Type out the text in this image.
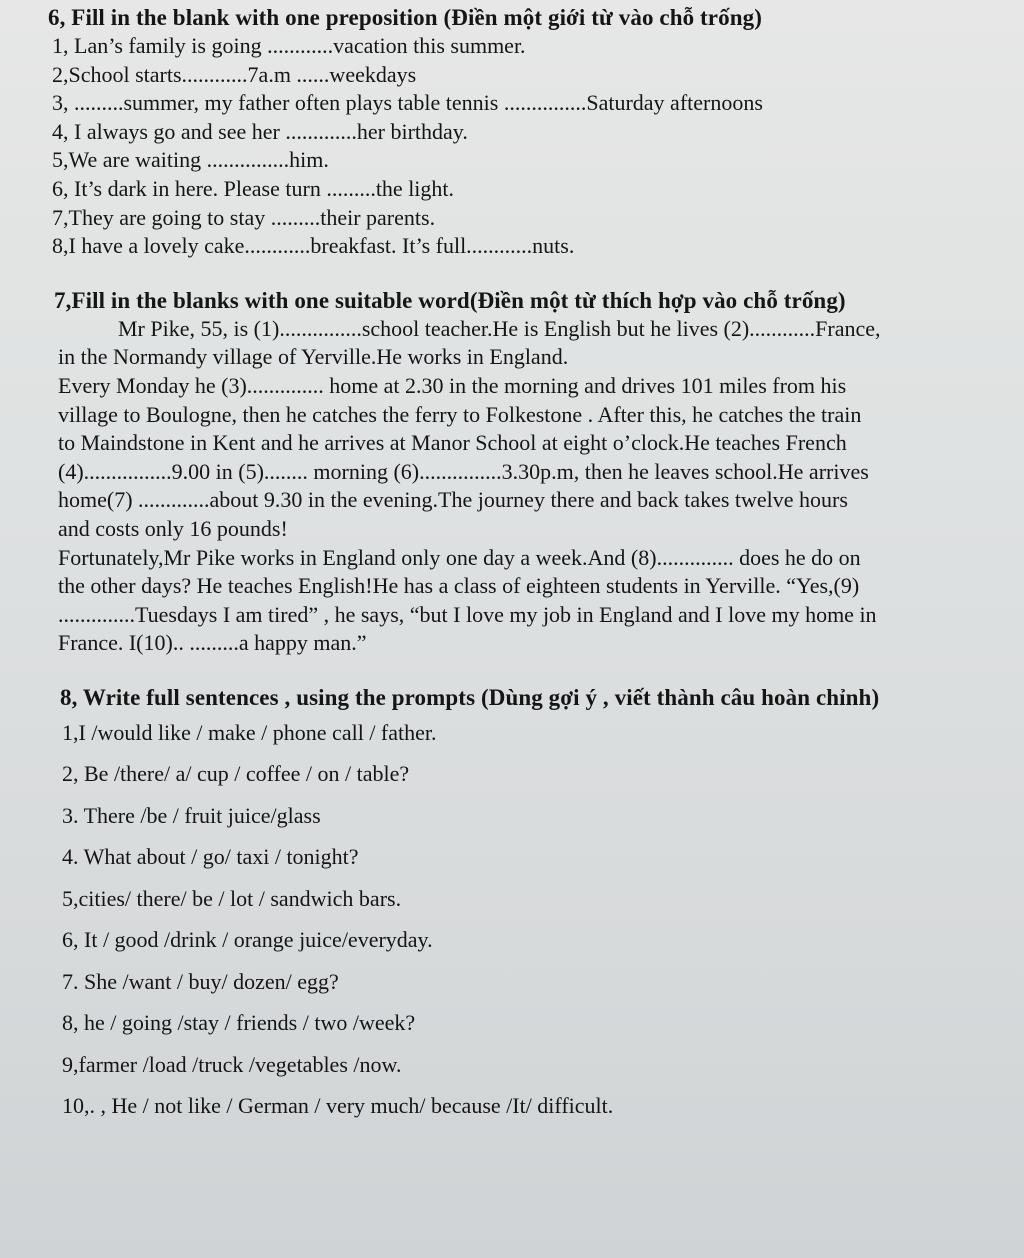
6, Fill in the blank with one preposition (Điền một giới từ vào chỗ trống)

1, Lan’s family is going ............vacation this summer.

2,School starts............7a.m ......weekdays

3, .........summer, my father often plays table tennis ...............Saturday afternoons

4, I always go and see her .............her birthday.

5,We are waiting ...............him.

6, It’s dark in here. Please turn .........the light.

7,They are going to stay .........their parents.

8,I have a lovely cake............breakfast. It’s full............nuts.

7,Fill in the blanks with one suitable word(Điền một từ thích hợp vào chỗ trống)

Mr Pike, 55, is (1)...............school teacher.He is English but he lives (2)............France,
in the Normandy village of Yerville.He works in England.
Every Monday he (3).............. home at 2.30 in the morning and drives 101 miles from his
village to Boulogne, then he catches the ferry to Folkestone . After this, he catches the train
to Maindstone in Kent and he arrives at Manor School at eight o’clock.He teaches French
(4)................9.00 in (5)........ morning (6)...............3.30p.m, then he leaves school.He arrives
home(7) .............about 9.30 in the evening.The journey there and back takes twelve hours
and costs only 16 pounds!
Fortunately,Mr Pike works in England only one day a week.And (8).............. does he do on
the other days? He teaches English!He has a class of eighteen students in Yerville. “Yes,(9)
..............Tuesdays I am tired” , he says, “but I love my job in England and I love my home in
France. I(10).. .........a happy man.”

8, Write full sentences , using the prompts (Dùng gợi ý , viết thành câu hoàn chỉnh)

1,I /would like / make / phone call / father.

2, Be /there/ a/ cup / coffee / on / table?

3. There /be / fruit juice/glass

4. What about / go/ taxi / tonight?

5,cities/ there/ be / lot / sandwich bars.

6, It / good /drink / orange juice/everyday.

7. She /want / buy/ dozen/ egg?

8, he / going /stay / friends / two /week?

9,farmer /load /truck /vegetables /now.

10,. , He / not like / German / very much/ because /It/ difficult.
